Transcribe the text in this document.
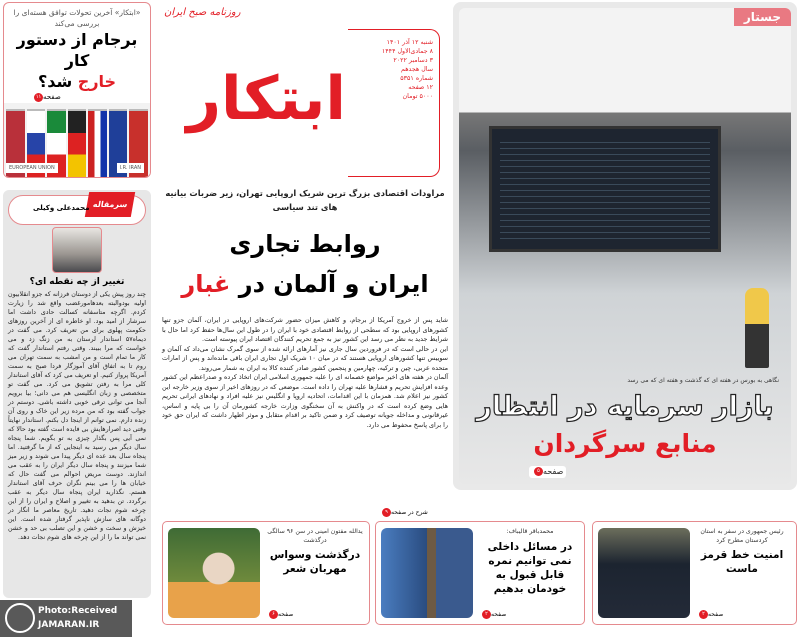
«ابتکار» آخرین تحولات توافق هسته‌ای را بررسی می‌کند
برجام از دستور کار
خارج شد؟
صفحه۱۱
EUROPEAN UNION	I.R. IRAN
سرمقاله
محمدعلی وکیلی
تغییر از چه نقطه ای؟
چند روز پیش یکی از دوستان فرزانه که جزو انقلابیون اولیه بودوالبته بعدهامورغضب واقع شد را زیارت کردم. اگرچه متاسفانه کسالت حادی داشت اما سرشار از امید بود. او خاطره ای از آخرین روزهای حکومت پهلوی برای من تعریف کرد. می گفت در دیماه۵۷ استاندار لرستان به من زنگ زد و می خواست که مرا ببیند. وقتی رفتم استاندار گفت که کار ما تمام است و من امشب به سمت تهران می روم تا به اتفاق آقای آموزگار فردا صبح به سمت آمریکا پرواز کنیم. او تعریف می کرد که آقای استاندار کلی مرا به رفتن تشویق می کرد. می گفت تو متخصصی و زبان انگلیسی هم می دانی؛ بیا برویم آنجا می توانی ترقی خوبی داشته باشی. دوستم در جواب گفته بود که من مرده زیر این خاک و روی آن زنده دارم. نمی توانم از اینجا دل بکنم. استاندار نهایتاً وقتی دید اصرارهایش بی فایده است گفته بود حالا که نمی آیی پس بگذار چیزی به تو بگویم. شما پنجاه سال دیگر می رسید به اینجایی که از ما گرفتید. اما پنجاه سال بعد عده ای دیگر پیدا می شوند و زیر میز شما میزنند و پنجاه سال دیگر ایران را به عقب می اندازند. دوست مریض احوالم می گفت حال که خیابان ها را می بینم نگران حرف آقای استاندار هستم. نگذارید ایران پنجاه سال دیگر به عقب برگردد. تن بدهید به تغییر و اصلاح و ایران را از این چرخه شوم نجات دهید. تاریخ معاصر ما انگار در دوگانه های سازش ناپذیر گرفتار شده است. این خیزش و سخت و خشن و این تصلب بی حد و خشن نمی تواند ما را از این چرخه های شوم نجات دهد.
ابتکار
روزنامه صبح ایران
شنبه ۱۲ آذر ۱۴۰۱
۸ جمادی‌الاول ۱۴۴۴
۳ دسامبر ۲۰۲۲
سال هجدهم
شماره ۵۳۵۱
۱۲ صفحه
۵۰۰۰ تومان
مراودات اقتصادی بزرگ ترین شریک اروپایی تهران، زیر ضربات بیانیه های تند سیاسی
روابط تجاری
ایران و آلمان در غبار

شاید پس از خروج آمریکا از برجام، و کاهش میزان حضور شرکت‌های اروپایی در ایران، آلمان جزو تنها کشورهای اروپایی بود که سطحی از روابط اقتصادی خود با ایران را در طول این سال‌ها حفظ کرد اما حال با شرایط جدید به نظر می رسد این کشور نیز به جمع تحریم کنندگان اقتصاد ایران پیوسته است.

این در حالی است که در فروردین سال جاری نیز آمارهای ارائه شده از سوی گمرک نشان می‌داد که آلمان و سوییس تنها کشورهای اروپایی هستند که در میان ۱۰ شریک اول تجاری ایران باقی مانده‌اند و پس از امارات متحده عربی، چین و ترکیه، چهارمین و پنجمین کشور صادر کننده کالا به ایران به شمار می‌روند.

آلمان در هفته های اخیر مواضع خصمانه ای را علیه جمهوری اسلامی ایران اتخاذ کرده و صدراعظم این کشور وعده افزایش تحریم و فشارها علیه تهران را داده است. موضعی که در روزهای اخیر از سوی وزیر خارجه این کشور نیز اعلام شد. همزمان با این اقدامات، اتحادیه اروپا و انگلیس نیز علیه افراد و نهادهای ایرانی تحریم هایی وضع کرده است که در واکنش به آن سخنگوی وزارت خارجه کشورمان آن را بی پایه و اساس، غیرقانونی و مداخله جویانه توصیف کرد و ضمن تاکید بر اقدام متقابل و موثر اظهار داشت که ایران حق خود را برای پاسخ محفوظ می دارد.

شرح در صفحه۹
جستار
نگاهی به بورس در هفته ای که گذشت و هفته ای که می رسد
بازار سرمایه در انتظار
منابع سرگردان
صفحه۵
یدالله مفتون امینی در سن ۹۶ سالگی درگذشت
درگذشت وسواس مهربان شعر
صفحه۶
محمدباقر قالیباف:
در مسائل داخلی نمی توانیم نمره قابل قبول به خودمان بدهیم
صفحه۲
رئیس جمهوری در سفر به استان کردستان مطرح کرد
امنیت خط قرمز ماست
صفحه۲
Photo:Received
JAMARAN.IR
